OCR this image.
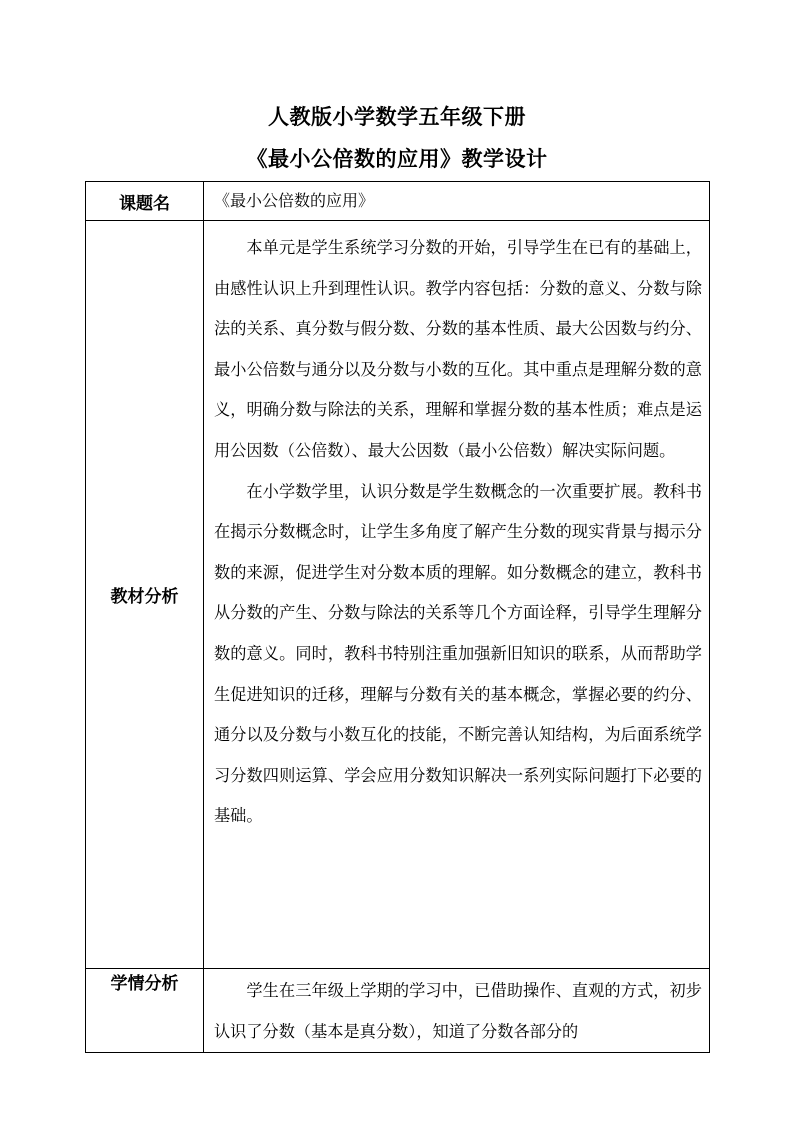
人教版小学数学五年级下册
《最小公倍数的应用》教学设计
课题名	《最小公倍数的应用》

教材分析	本单元是学生系统学习分数的开始，引导学生在已有的基础上，由感性认识上升到理性认识。教学内容包括：分数的意义、分数与除法的关系、真分数与假分数、分数的基本性质、最大公因数与约分、最小公倍数与通分以及分数与小数的互化。其中重点是理解分数的意义，明确分数与除法的关系，理解和掌握分数的基本性质；难点是运用公因数（公倍数）、最大公因数（最小公倍数）解决实际问题。

在小学数学里，认识分数是学生数概念的一次重要扩展。教科书在揭示分数概念时，让学生多角度了解产生分数的现实背景与揭示分数的来源，促进学生对分数本质的理解。如分数概念的建立，教科书从分数的产生、分数与除法的关系等几个方面诠释，引导学生理解分数的意义。同时，教科书特别注重加强新旧知识的联系，从而帮助学生促进知识的迁移，理解与分数有关的基本概念，掌握必要的约分、通分以及分数与小数互化的技能，不断完善认知结构，为后面系统学习分数四则运算、学会应用分数知识解决一系列实际问题打下必要的基础。

学情分析	学生在三年级上学期的学习中，已借助操作、直观的方式，初步认识了分数（基本是真分数），知道了分数各部分的
